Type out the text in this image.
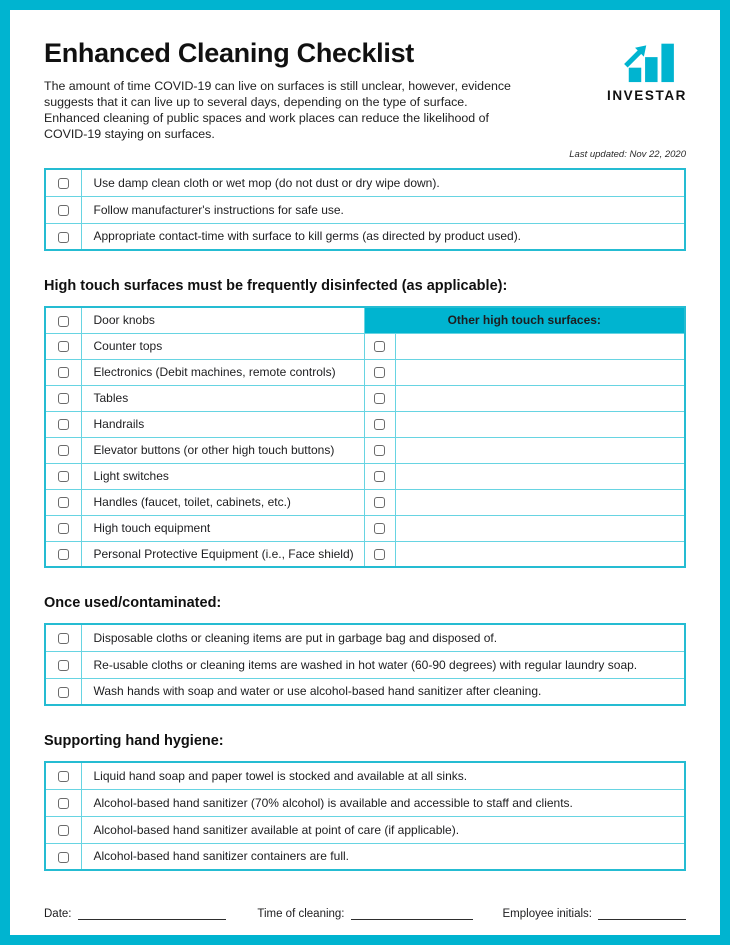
Enhanced Cleaning Checklist
The amount of time COVID-19 can live on surfaces is still unclear, however, evidence suggests that it can live up to several days, depending on the type of surface. Enhanced cleaning of public spaces and work places can reduce the likelihood of COVID-19 staying on surfaces.
INVESTAR
Last updated: Nov 22, 2020
	Use damp clean cloth or wet mop (do not dust or dry wipe down).
	Follow manufacturer's instructions for safe use.
	Appropriate contact-time with surface to kill germs (as directed by product used).
High touch surfaces must be frequently disinfected (as applicable):
	Door knobs	Other high touch surfaces:	
	Counter tops		
	Electronics (Debit machines, remote controls)		
	Tables		
	Handrails		
	Elevator buttons (or other high touch buttons)		
	Light switches		
	Handles (faucet, toilet, cabinets, etc.)		
	High touch equipment		
	Personal Protective Equipment (i.e., Face shield)		
Once used/contaminated:
	Disposable cloths or cleaning items are put in garbage bag and disposed of.
	Re-usable cloths or cleaning items are washed in hot water (60-90 degrees) with regular laundry soap.
	Wash hands with soap and water or use alcohol-based hand sanitizer after cleaning.
Supporting hand hygiene:
	Liquid hand soap and paper towel is stocked and available at all sinks.
	Alcohol-based hand sanitizer (70% alcohol) is available and accessible to staff and clients.
	Alcohol-based hand sanitizer available at point of care (if applicable).
	Alcohol-based hand sanitizer containers are full.
Date:	Time of cleaning:	Employee initials:
